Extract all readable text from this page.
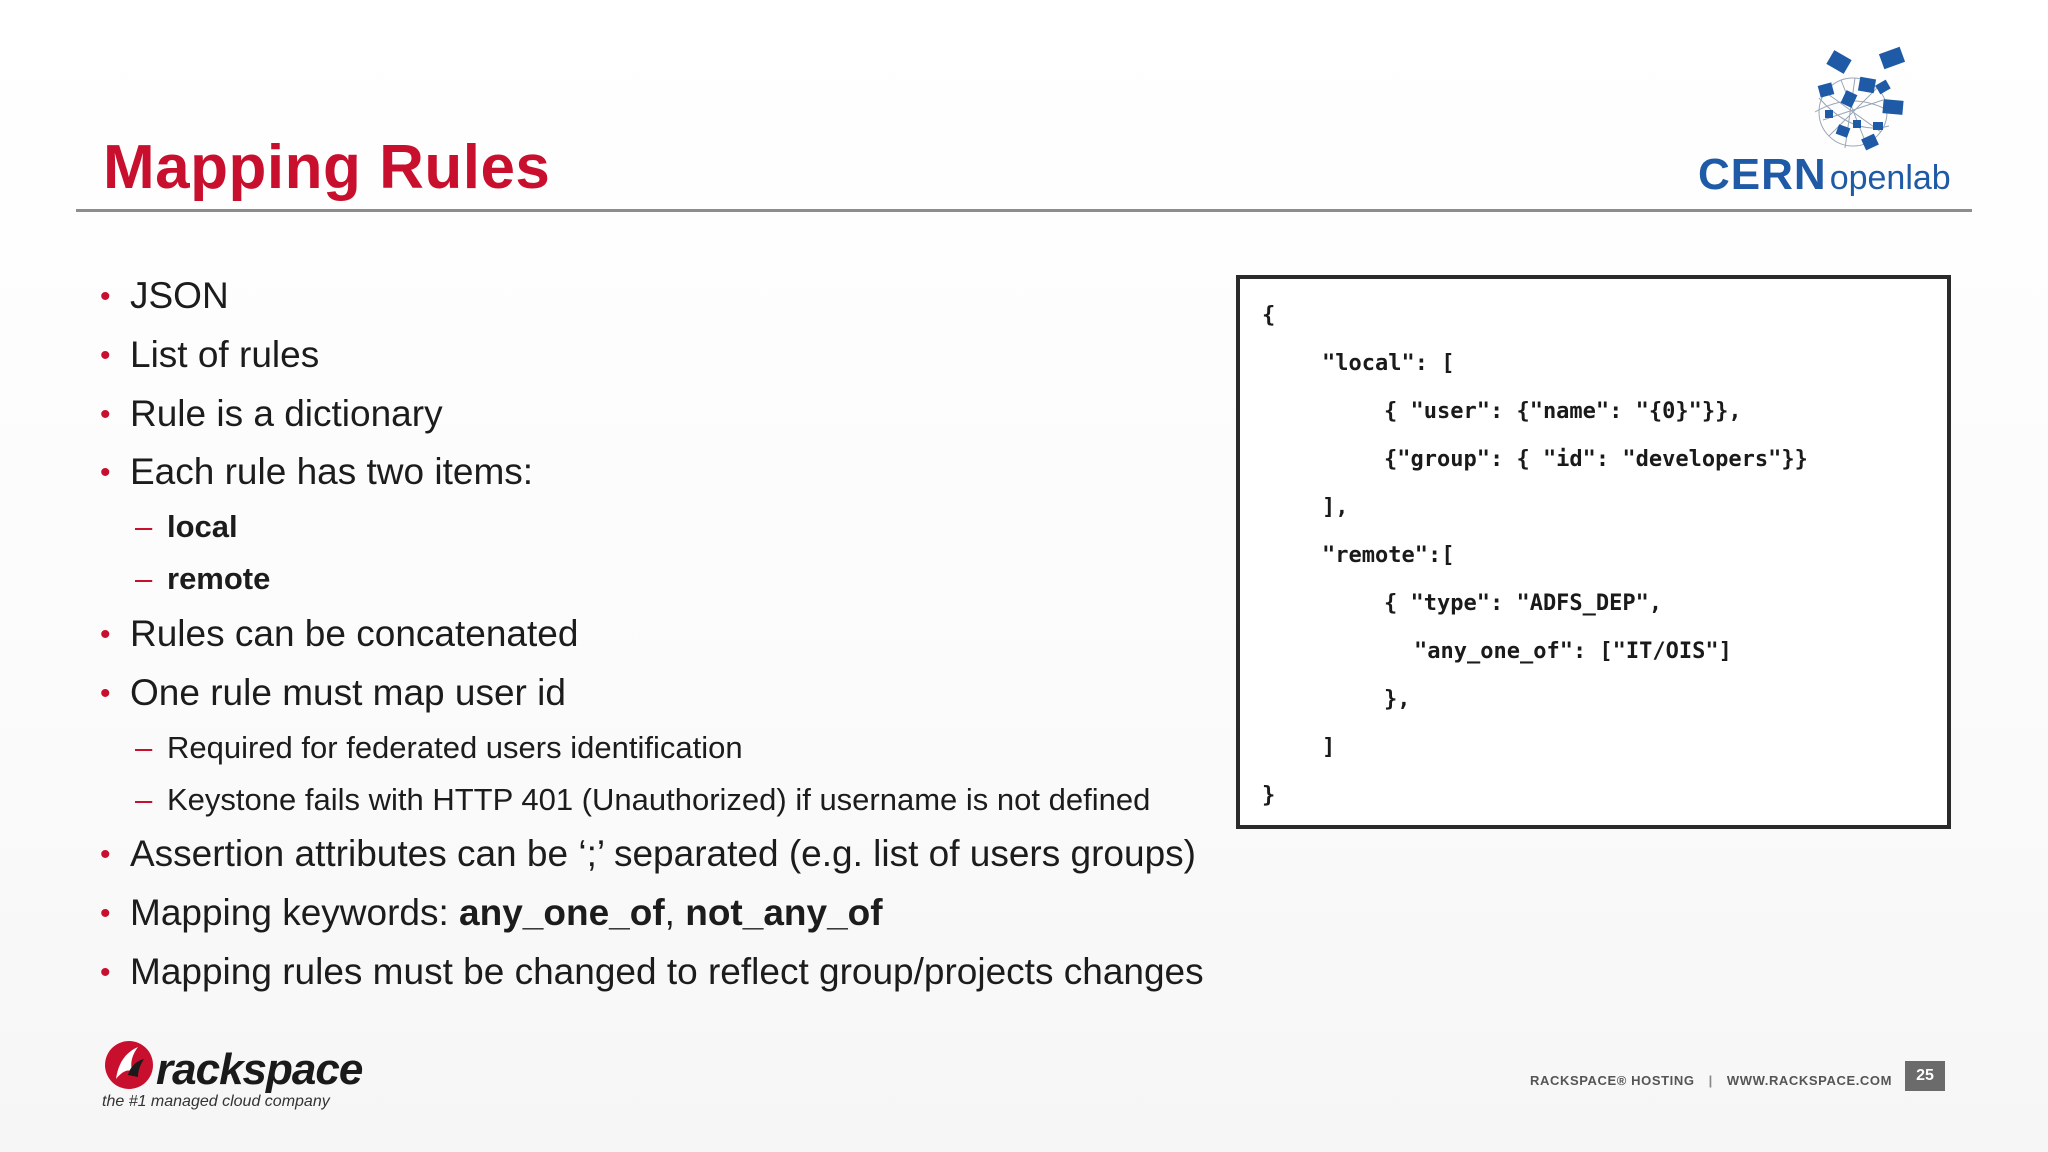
Mapping Rules	CERNopenlab
• JSON
• List of rules
• Rule is a dictionary
• Each rule has two items:
– local
– remote
• Rules can be concatenated
• One rule must map user id
– Required for federated users identification
– Keystone fails with HTTP 401 (Unauthorized) if username is not defined
• Assertion attributes can be ‘;’ separated (e.g. list of users groups)
• Mapping keywords: any_one_of, not_any_of
• Mapping rules must be changed to reflect group/projects changes
{
"local": [
{ "user": {"name": "{0}"}},
{"group": { "id": "developers"}}
],
"remote":[
{ "type": "ADFS_DEP",
"any_one_of": ["IT/OIS"]
},
]
}
rackspace
the #1 managed cloud company
RACKSPACE® HOSTING | WWW.RACKSPACE.COM	25
